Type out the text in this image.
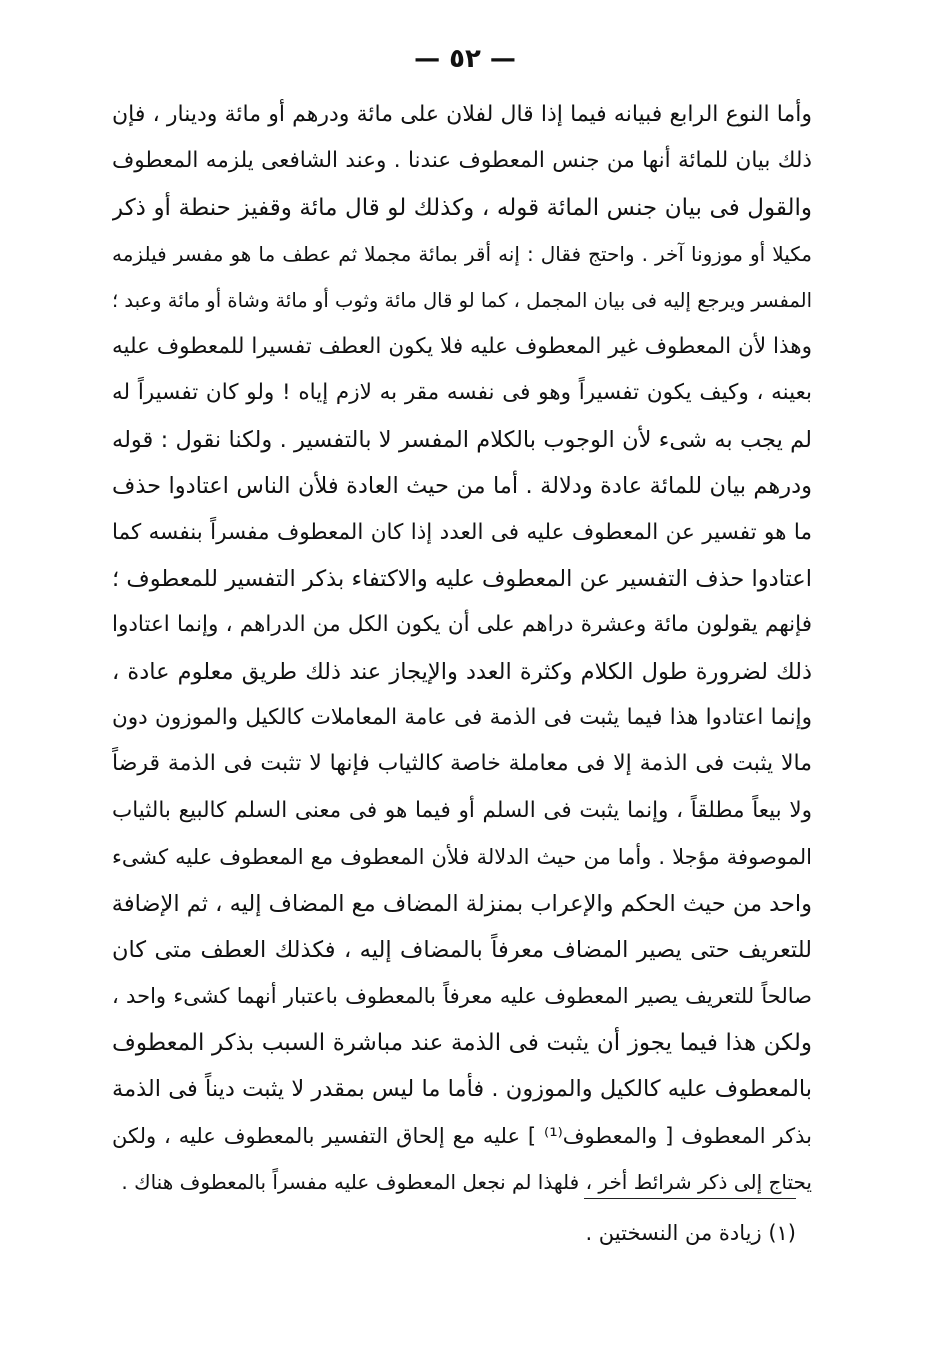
— ٥٢ —
وأما النوع الرابع فبيانه فيما إذا قال لفلان على مائة ودرهم أو مائة ودينار ، فإن
ذلك بيان للمائة أنها من جنس المعطوف عندنا . وعند الشافعى يلزمه المعطوف
والقول فى بيان جنس المائة قوله ، وكذلك لو قال مائة وقفيز حنطة أو ذكر
مكيلا أو موزونا آخر . واحتج فقال : إنه أقر بمائة مجملا ثم عطف ما هو مفسر فيلزمه
المفسر ويرجع إليه فى بيان المجمل ، كما لو قال مائة وثوب أو مائة وشاة أو مائة وعبد ؛
وهذا لأن المعطوف غير المعطوف عليه فلا يكون العطف تفسيرا للمعطوف عليه
بعينه ، وكيف يكون تفسيراً وهو فى نفسه مقر به لازم إياه ! ولو كان تفسيراً له
لم يجب به شىء لأن الوجوب بالكلام المفسر لا بالتفسير . ولكنا نقول : قوله
ودرهم بيان للمائة عادة ودلالة . أما من حيث العادة فلأن الناس اعتادوا حذف
ما هو تفسير عن المعطوف عليه فى العدد إذا كان المعطوف مفسراً بنفسه كما
اعتادوا حذف التفسير عن المعطوف عليه والاكتفاء بذكر التفسير للمعطوف ؛
فإنهم يقولون مائة وعشرة دراهم على أن يكون الكل من الدراهم ، وإنما اعتادوا
ذلك لضرورة طول الكلام وكثرة العدد والإيجاز عند ذلك طريق معلوم عادة ،
وإنما اعتادوا هذا فيما يثبت فى الذمة فى عامة المعاملات كالكيل والموزون دون
مالا يثبت فى الذمة إلا فى معاملة خاصة كالثياب فإنها لا تثبت فى الذمة قرضاً
ولا بيعاً مطلقاً ، وإنما يثبت فى السلم أو فيما هو فى معنى السلم كالبيع بالثياب
الموصوفة مؤجلا . وأما من حيث الدلالة فلأن المعطوف مع المعطوف عليه كشىء
واحد من حيث الحكم والإعراب بمنزلة المضاف مع المضاف إليه ، ثم الإضافة
للتعريف حتى يصير المضاف معرفاً بالمضاف إليه ، فكذلك العطف متى كان
صالحاً للتعريف يصير المعطوف عليه معرفاً بالمعطوف باعتبار أنهما كشىء واحد ،
ولكن هذا فيما يجوز أن يثبت فى الذمة عند مباشرة السبب بذكر المعطوف
بالمعطوف عليه كالكيل والموزون . فأما ما ليس بمقدر لا يثبت ديناً فى الذمة
بذكر المعطوف [ والمعطوف⁽¹⁾ ] عليه مع إلحاق التفسير بالمعطوف عليه ، ولكن
يحتاج إلى ذكر شرائط أخر ، فلهذا لم نجعل المعطوف عليه مفسراً بالمعطوف هناك .
(١) زيادة من النسختين .
